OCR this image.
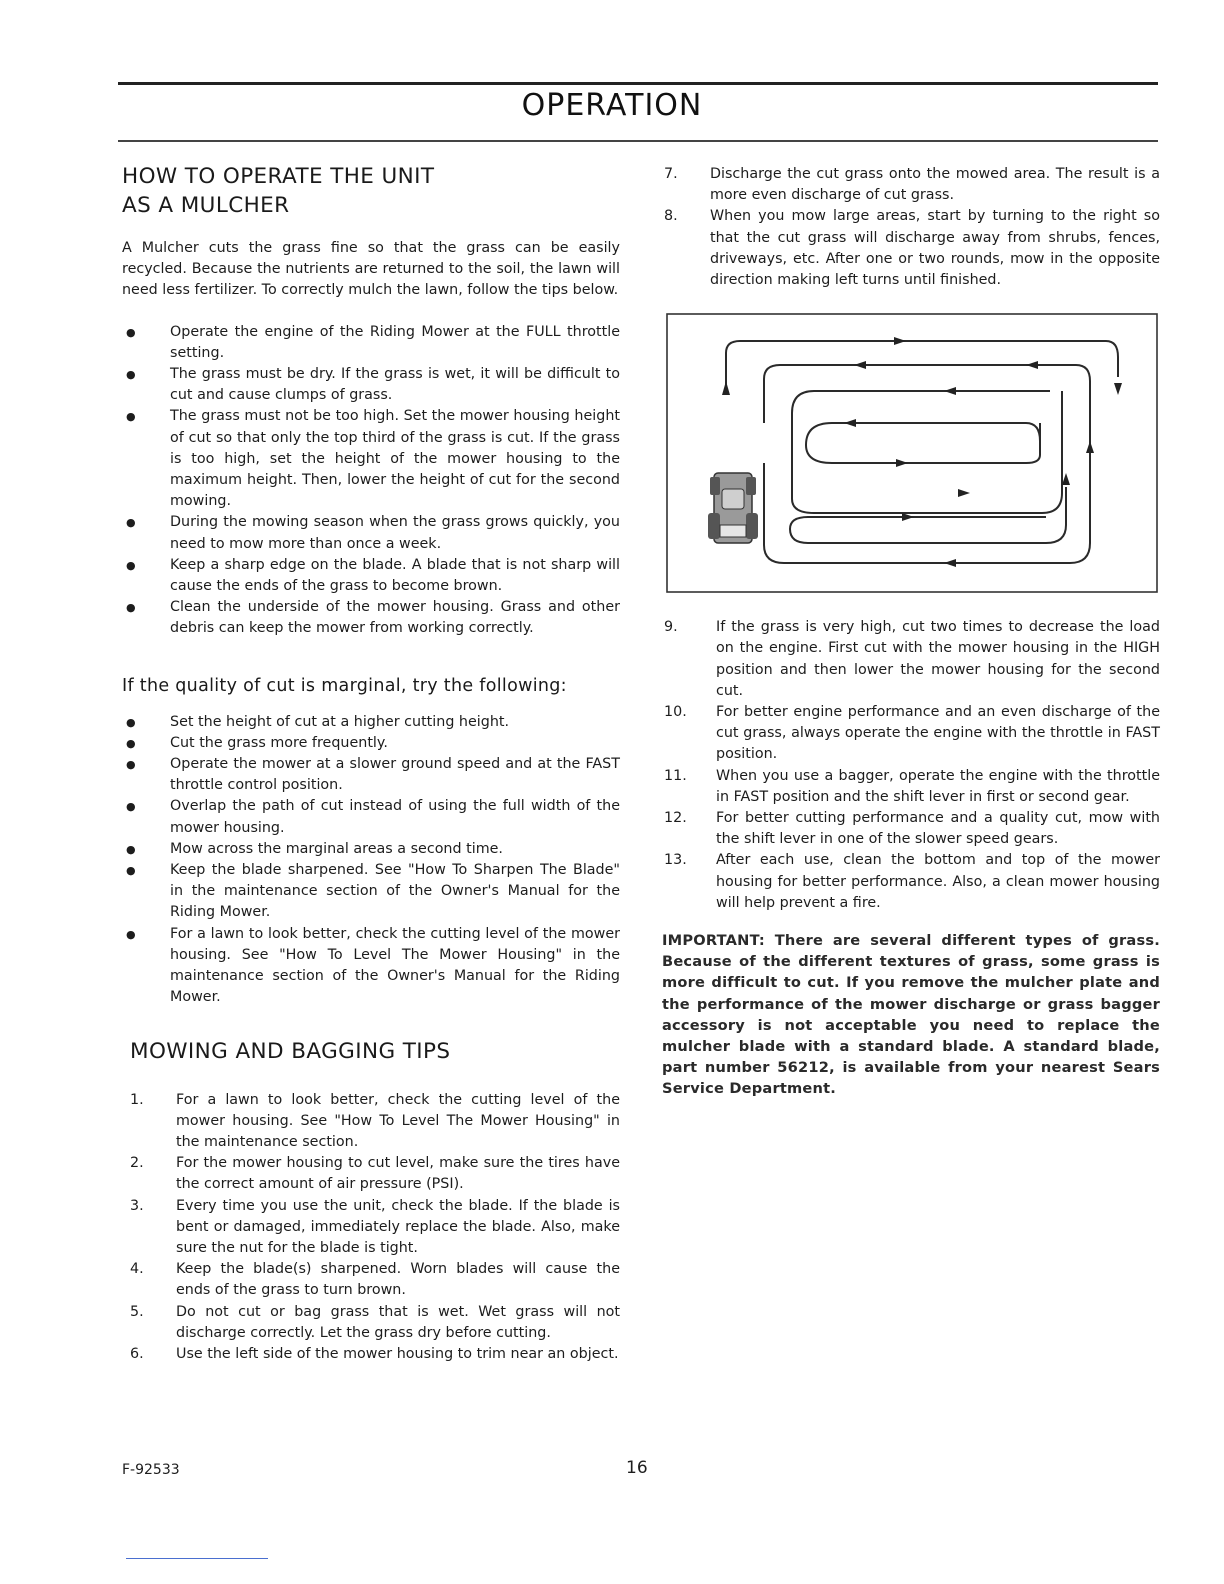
OPERATION
HOW TO OPERATE THE UNIT
AS A MULCHER

A Mulcher cuts the grass fine so that the grass can be easily recycled. Because the nutrients are returned to the soil, the lawn will need less fertilizer. To correctly mulch the lawn, follow the tips below.

● Operate the engine of the Riding Mower at the FULL throttle setting.
● The grass must be dry. If the grass is wet, it will be difficult to cut and cause clumps of grass.
● The grass must not be too high. Set the mower housing height of cut so that only the top third of the grass is cut. If the grass is too high, set the height of the mower housing to the maximum height. Then, lower the height of cut for the second mowing.
● During the mowing season when the grass grows quickly, you need to mow more than once a week.
● Keep a sharp edge on the blade. A blade that is not sharp will cause the ends of the grass to become brown.
● Clean the underside of the mower housing. Grass and other debris can keep the mower from working correctly.
If the quality of cut is marginal, try the following:
● Set the height of cut at a higher cutting height.
● Cut the grass more frequently.
● Operate the mower at a slower ground speed and at the FAST throttle control position.
● Overlap the path of cut instead of using the full width of the mower housing.
● Mow across the marginal areas a second time.
● Keep the blade sharpened. See "How To Sharpen The Blade" in the maintenance section of the Owner's Manual for the Riding Mower.
● For a lawn to look better, check the cutting level of the mower housing. See "How To Level The Mower Housing" in the maintenance section of the Owner's Manual for the Riding Mower.
MOWING AND BAGGING TIPS
1. For a lawn to look better, check the cutting level of the mower housing. See "How To Level The Mower Housing" in the maintenance section.
2. For the mower housing to cut level, make sure the tires have the correct amount of air pressure (PSI).
3. Every time you use the unit, check the blade. If the blade is bent or damaged, immediately replace the blade. Also, make sure the nut for the blade is tight.
4. Keep the blade(s) sharpened. Worn blades will cause the ends of the grass to turn brown.
5. Do not cut or bag grass that is wet. Wet grass will not discharge correctly. Let the grass dry before cutting.
6. Use the left side of the mower housing to trim near an object.
7. Discharge the cut grass onto the mowed area. The result is a more even discharge of cut grass.
8. When you mow large areas, start by turning to the right so that the cut grass will discharge away from shrubs, fences, driveways, etc. After one or two rounds, mow in the opposite direction making left turns until finished.
9.	If the grass is very high, cut two times to decrease the load on the engine. First cut with the mower housing in the HIGH position and then lower the mower housing for the second cut.
10. For better engine performance and an even discharge of the cut grass, always operate the engine with the throttle in FAST position.
11. When you use a bagger, operate the engine with the throttle in FAST position and the shift lever in first or second gear.
12. For better cutting performance and a quality cut, mow with the shift lever in one of the slower speed gears.
13. After each use, clean the bottom and top of the mower housing for better performance. Also, a clean mower housing will help prevent a fire.

IMPORTANT: There are several different types of grass. Because of the different textures of grass, some grass is more difficult to cut. If you remove the mulcher plate and the performance of the mower discharge or grass bagger accessory is not acceptable you need to replace the mulcher blade with a standard blade. A standard blade, part number 56212, is available from your nearest Sears Service Department.

F-92533	16
